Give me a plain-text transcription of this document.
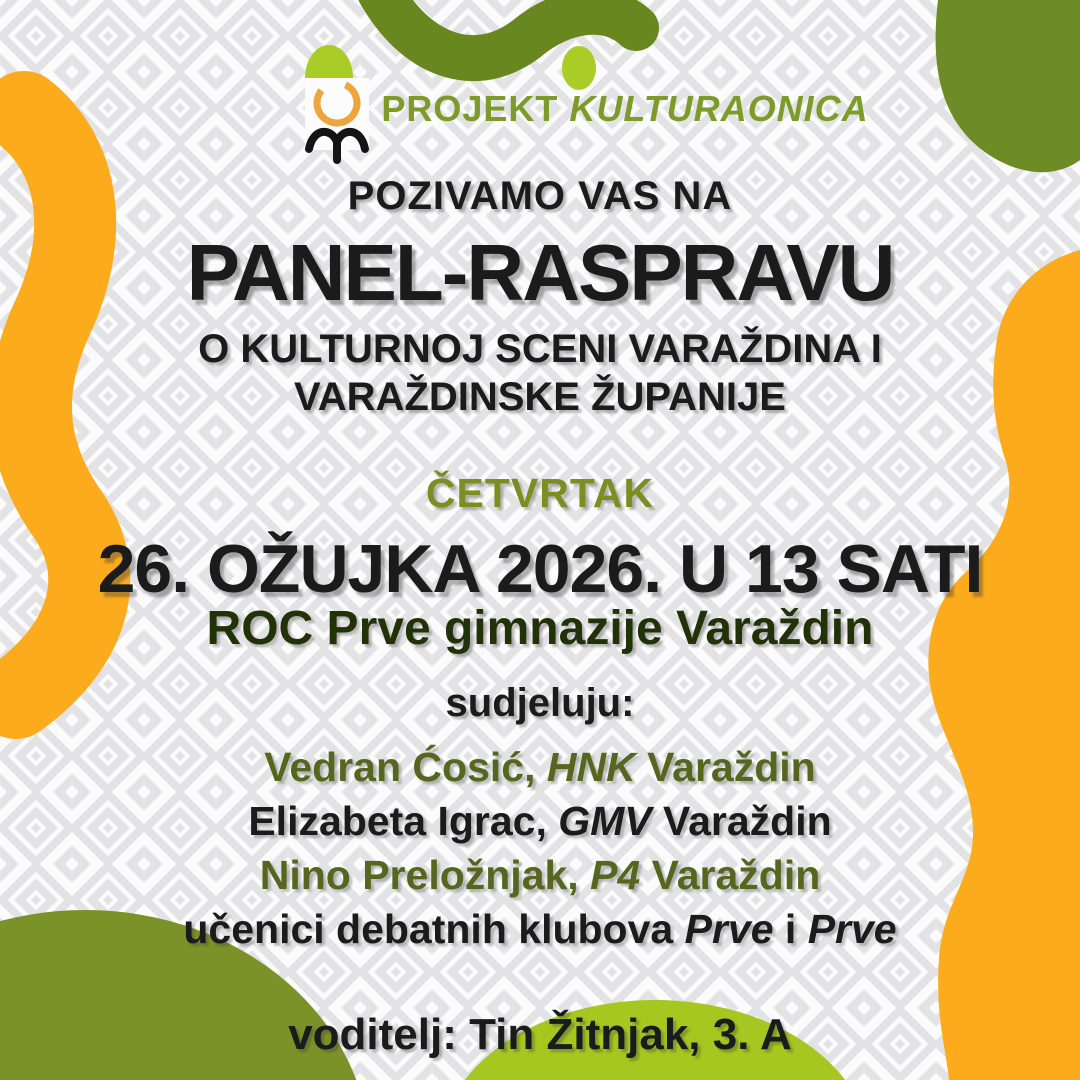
PROJEKT KULTURAONICA
POZIVAMO VAS NA
PANEL-RASPRAVU
O KULTURNOJ SCENI VARAŽDINA I
VARAŽDINSKE ŽUPANIJE
ČETVRTAK
26. OŽUJKA 2026. U 13 SATI
ROC Prve gimnazije Varaždin
sudjeluju:
Vedran Ćosić, HNK Varaždin
Elizabeta Igrac, GMV Varaždin
Nino Preložnjak, P4 Varaždin
učenici debatnih klubova Prve i Prve
voditelj: Tin Žitnjak, 3. A
